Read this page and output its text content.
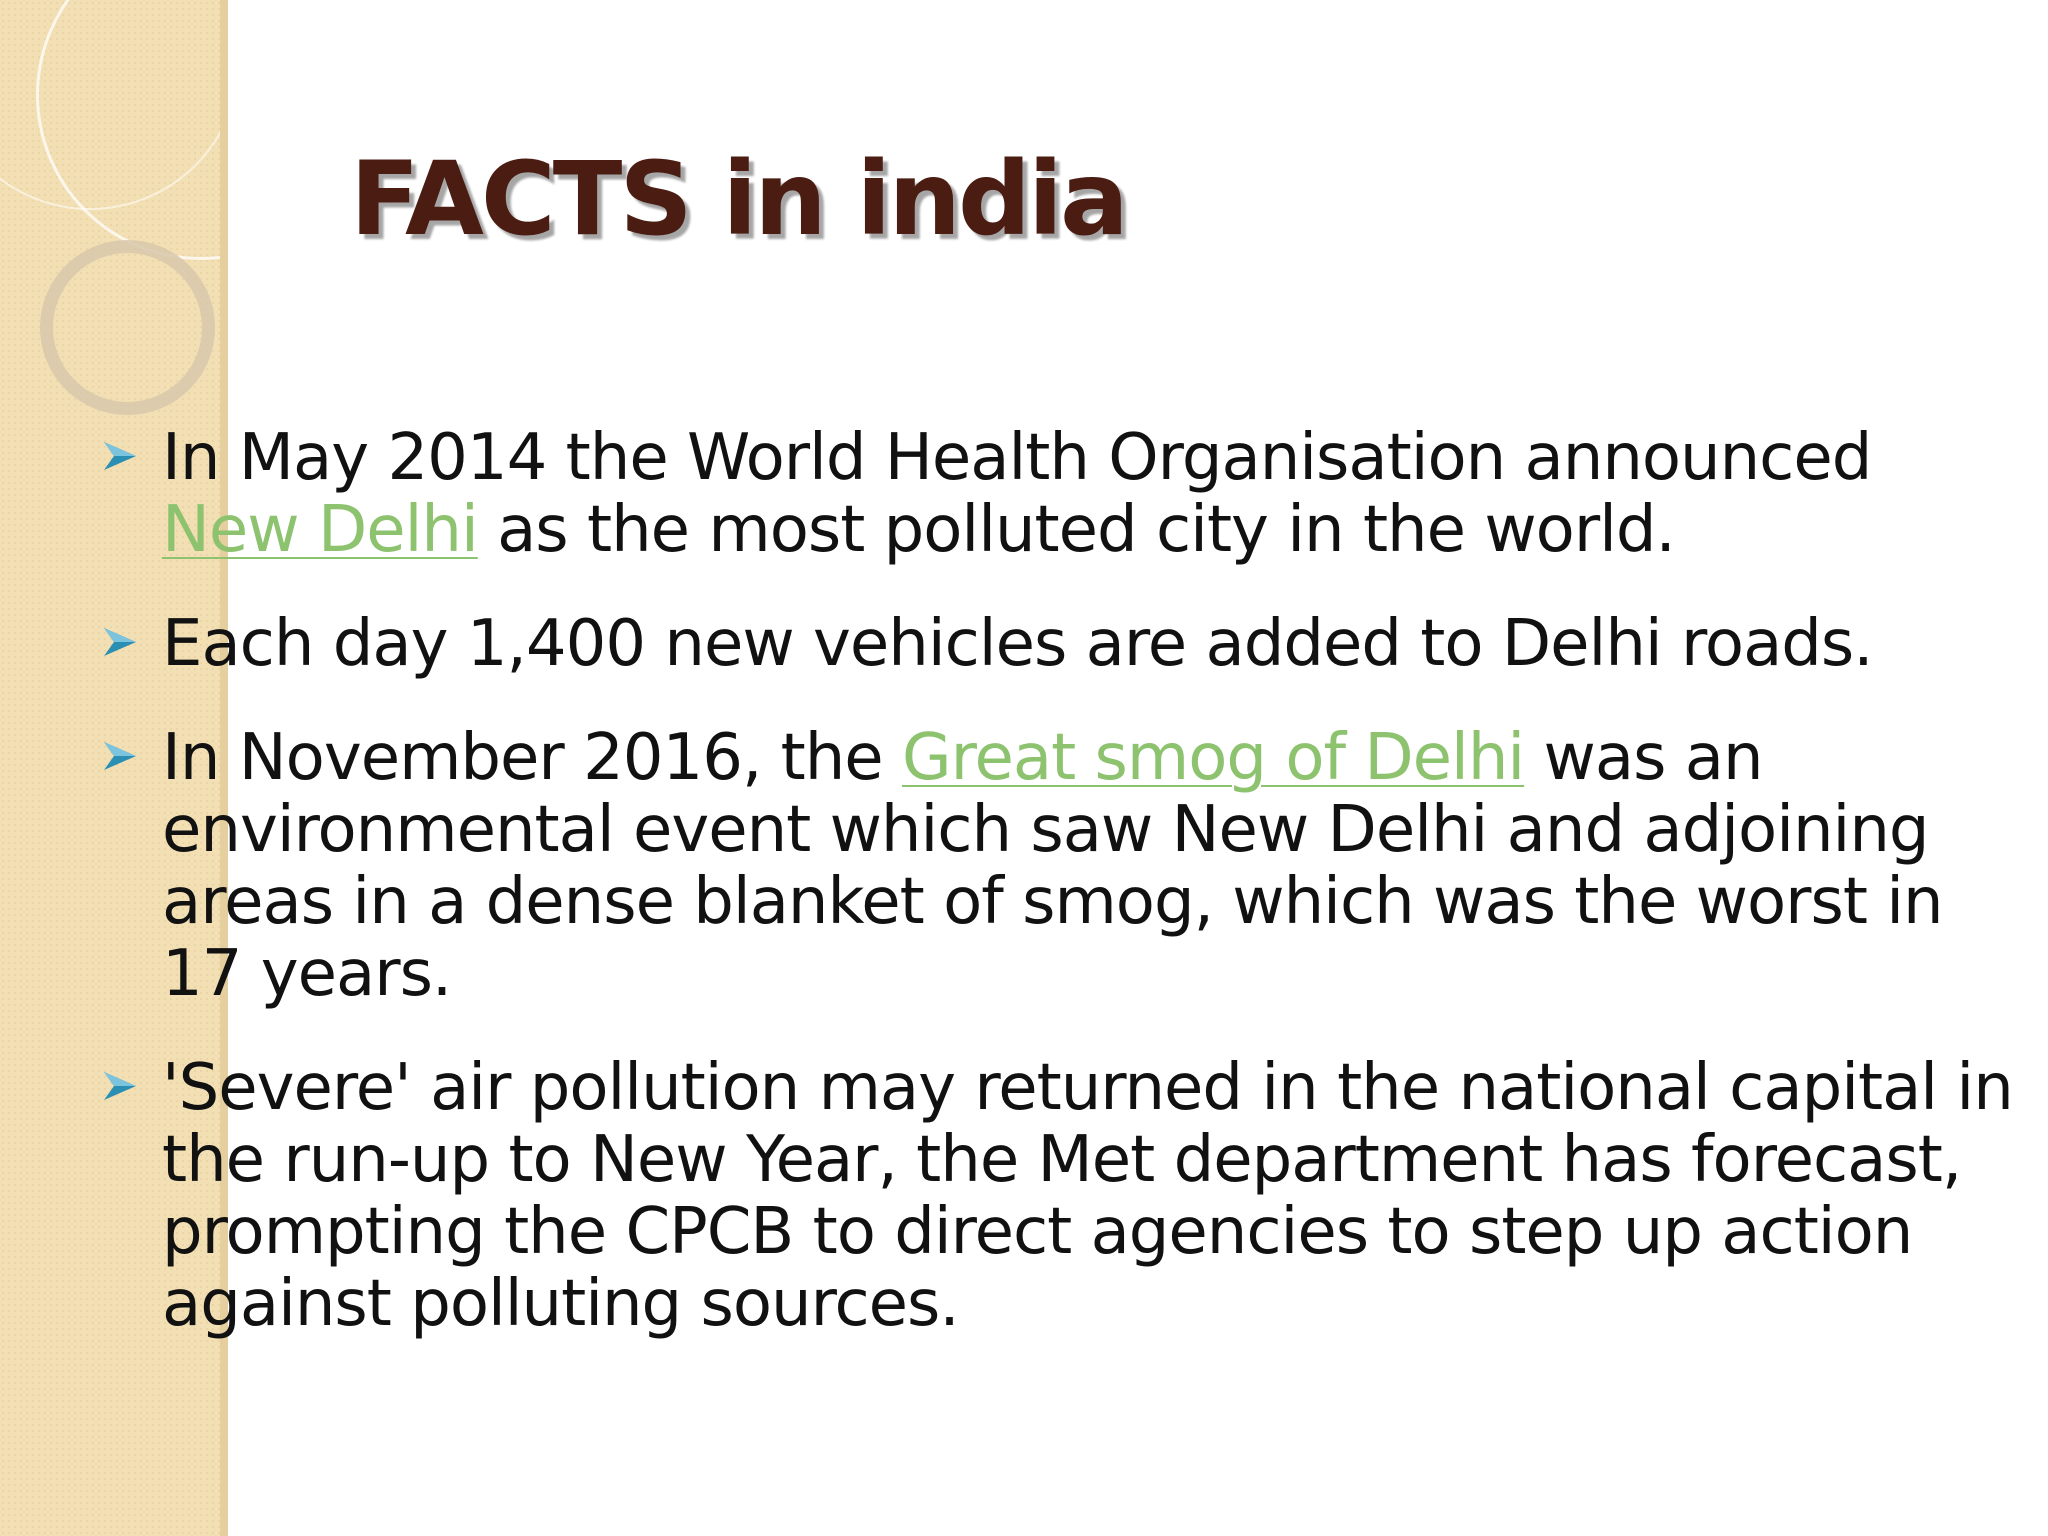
FACTS in india
In May 2014 the World Health Organisation announced New Delhi as the most polluted city in the world.
Each day 1,400 new vehicles are added to Delhi roads.
In November 2016, the Great smog of Delhi was an environmental event which saw New Delhi and adjoining areas in a dense blanket of smog, which was the worst in 17 years.
'Severe' air pollution may returned in the national capital in the run-up to New Year, the Met department has forecast, prompting the CPCB to direct agencies to step up action against polluting sources.
